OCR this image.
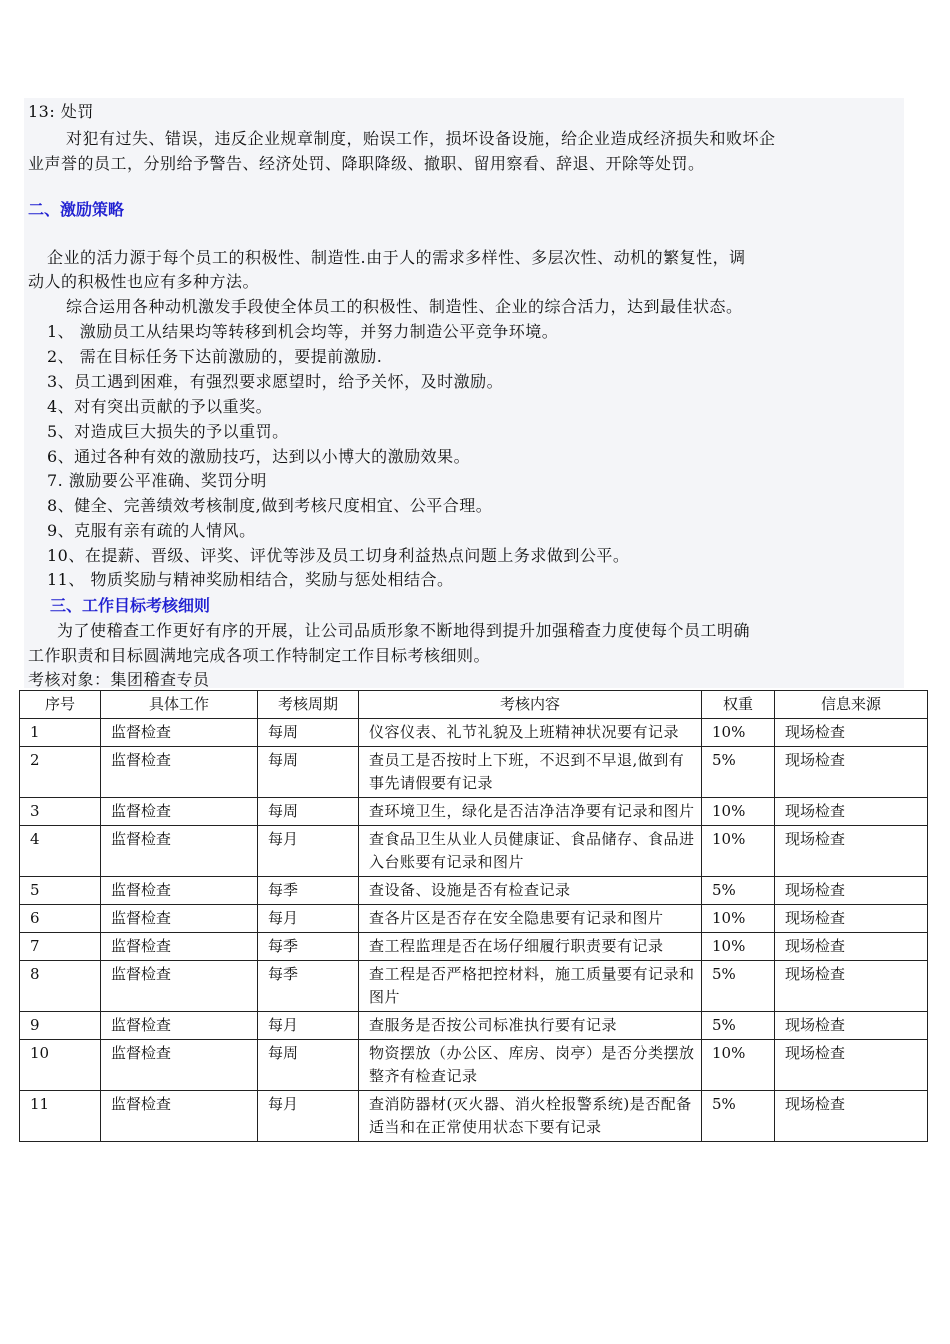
13: 处罚
对犯有过失、错误，违反企业规章制度，贻误工作，损坏设备设施，给企业造成经济损失和败坏企
业声誉的员工，分别给予警告、经济处罚、降职降级、撤职、留用察看、辞退、开除等处罚。
二、激励策略
企业的活力源于每个员工的积极性、制造性.由于人的需求多样性、多层次性、动机的繁复性，调
动人的积极性也应有多种方法。
综合运用各种动机激发手段使全体员工的积极性、制造性、企业的综合活力，达到最佳状态。
1、 激励员工从结果均等转移到机会均等，并努力制造公平竞争环境。
2、 需在目标任务下达前激励的，要提前激励.
3、员工遇到困难，有强烈要求愿望时，给予关怀，及时激励。
4、对有突出贡献的予以重奖。
5、对造成巨大损失的予以重罚。
6、通过各种有效的激励技巧，达到以小博大的激励效果。
7. 激励要公平准确、奖罚分明
8、健全、完善绩效考核制度,做到考核尺度相宜、公平合理。
9、克服有亲有疏的人情风。
10、在提薪、晋级、评奖、评优等涉及员工切身利益热点问题上务求做到公平。
11、 物质奖励与精神奖励相结合，奖励与惩处相结合。
三、工作目标考核细则
为了使稽查工作更好有序的开展，让公司品质形象不断地得到提升加强稽查力度使每个员工明确
工作职责和目标圆满地完成各项工作特制定工作目标考核细则。
考核对象：集团稽查专员
序号	具体工作	考核周期	考核内容	权重	信息来源
1	监督检查	每周	仪容仪表、礼节礼貌及上班精神状况要有记录	10%	现场检查
2	监督检查	每周	查员工是否按时上下班，不迟到不早退,做到有事先请假要有记录	5%	现场检查
3	监督检查	每周	查环境卫生，绿化是否洁净洁净要有记录和图片	10%	现场检查
4	监督检查	每月	查食品卫生从业人员健康证、食品储存、食品进入台账要有记录和图片	10%	现场检查
5	监督检查	每季	查设备、设施是否有检查记录	5%	现场检查
6	监督检查	每月	查各片区是否存在安全隐患要有记录和图片	10%	现场检查
7	监督检查	每季	查工程监理是否在场仔细履行职责要有记录	10%	现场检查
8	监督检查	每季	查工程是否严格把控材料，施工质量要有记录和图片	5%	现场检查
9	监督检查	每月	查服务是否按公司标准执行要有记录	5%	现场检查
10	监督检查	每周	物资摆放（办公区、库房、岗亭）是否分类摆放整齐有检查记录	10%	现场检查
11	监督检查	每月	查消防器材(灭火器、消火栓报警系统)是否配备适当和在正常使用状态下要有记录	5%	现场检查
